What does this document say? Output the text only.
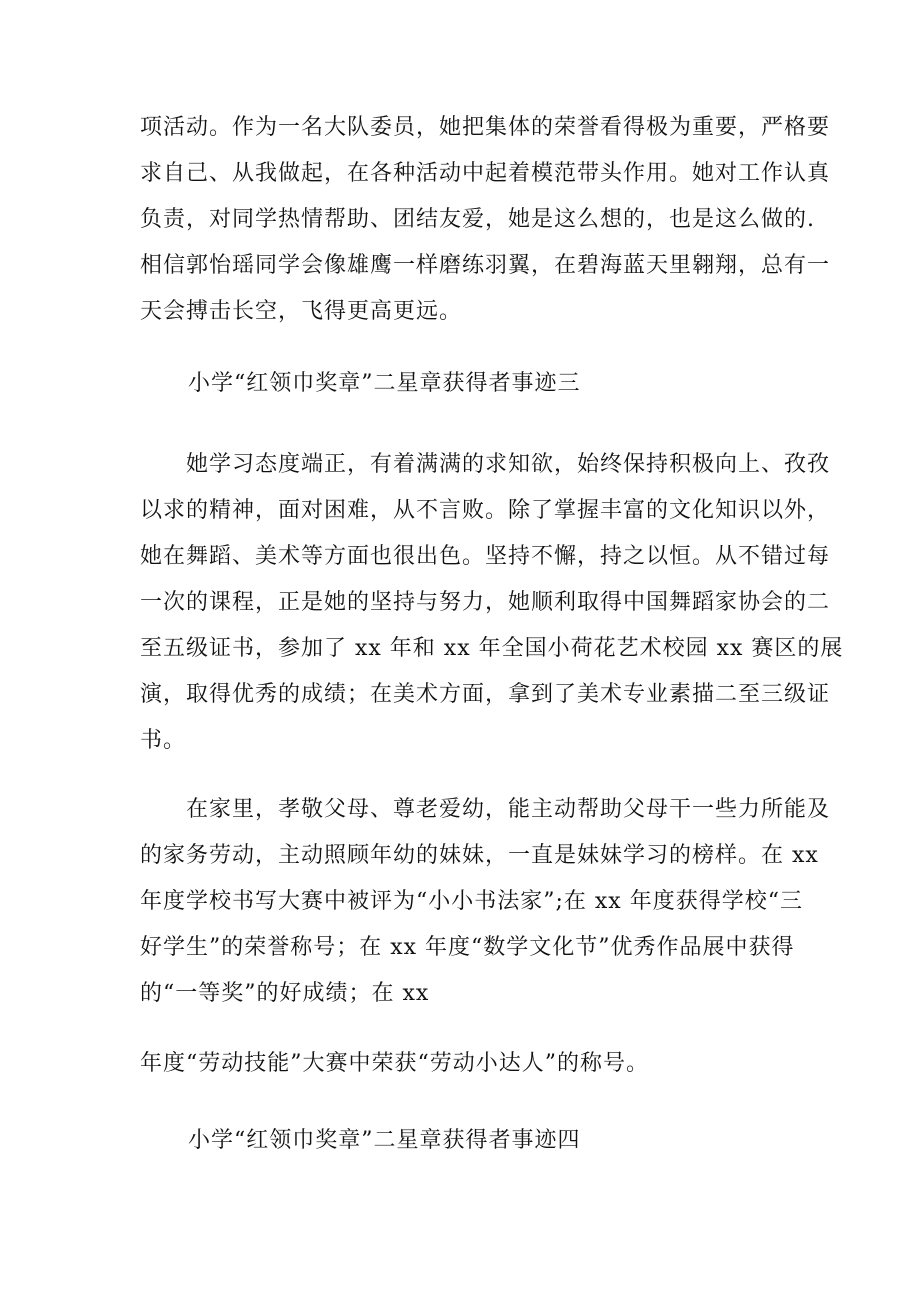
项活动。作为一名大队委员，她把集体的荣誉看得极为重要，严格要
求自己、从我做起，在各种活动中起着模范带头作用。她对工作认真
负责，对同学热情帮助、团结友爱，她是这么想的，也是这么做的.
相信郭怡瑶同学会像雄鹰一样磨练羽翼，在碧海蓝天里翱翔，总有一
天会搏击长空，飞得更高更远。

小学“红领巾奖章”二星章获得者事迹三

　　她学习态度端正，有着满满的求知欲，始终保持积极向上、孜孜
以求的精神，面对困难，从不言败。除了掌握丰富的文化知识以外，
她在舞蹈、美术等方面也很出色。坚持不懈，持之以恒。从不错过每
一次的课程，正是她的坚持与努力，她顺利取得中国舞蹈家协会的二
至五级证书，参加了 xx 年和 xx 年全国小荷花艺术校园 xx 赛区的展
演，取得优秀的成绩；在美术方面，拿到了美术专业素描二至三级证
书。

　　在家里，孝敬父母、尊老爱幼，能主动帮助父母干一些力所能及
的家务劳动，主动照顾年幼的妹妹，一直是妹妹学习的榜样。在 xx
年度学校书写大赛中被评为“小小书法家”;在 xx 年度获得学校“三
好学生”的荣誉称号；在 xx 年度“数学文化节”优秀作品展中获得
的“一等奖”的好成绩；在 xx

年度“劳动技能”大赛中荣获“劳动小达人”的称号。

小学“红领巾奖章”二星章获得者事迹四
